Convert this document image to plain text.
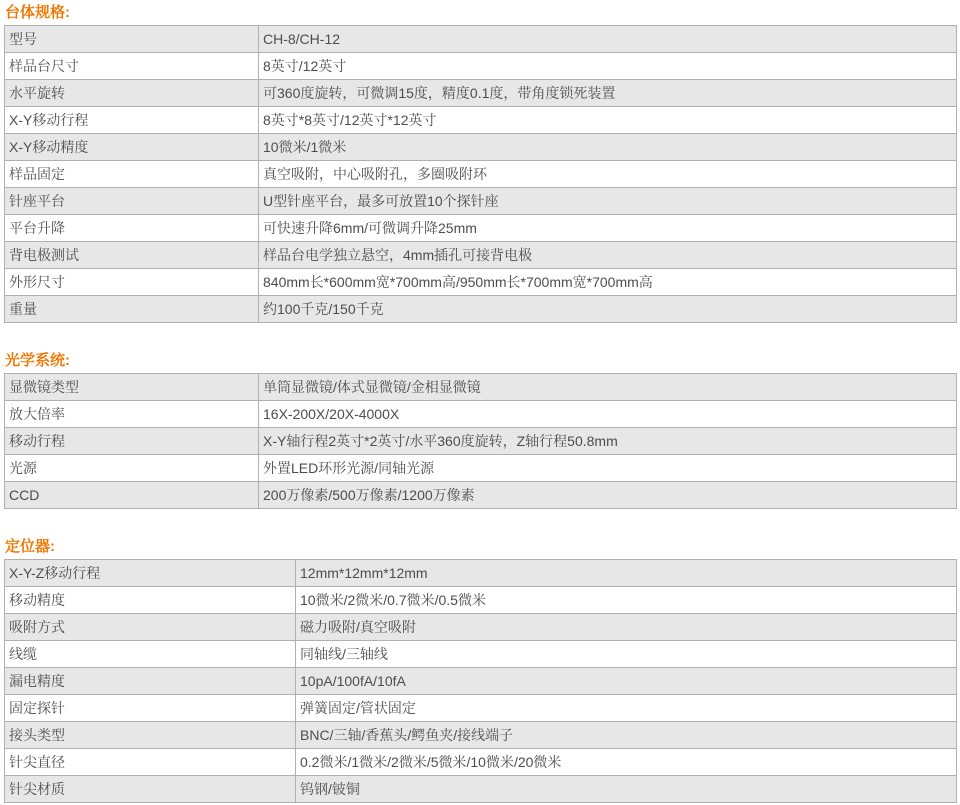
台体规格:
型号	CH-8/CH-12
样品台尺寸	8英寸/12英寸
水平旋转	可360度旋转，可微调15度，精度0.1度，带角度锁死装置
X-Y移动行程	8英寸*8英寸/12英寸*12英寸
X-Y移动精度	10微米/1微米
样品固定	真空吸附，中心吸附孔，多圈吸附环
针座平台	U型针座平台，最多可放置10个探针座
平台升降	可快速升降6mm/可微调升降25mm
背电极测试	样品台电学独立悬空，4mm插孔可接背电极
外形尺寸	840mm长*600mm宽*700mm高/950mm长*700mm宽*700mm高
重量	约100千克/150千克
光学系统:
显微镜类型	单筒显微镜/体式显微镜/金相显微镜
放大倍率	16X-200X/20X-4000X
移动行程	X-Y轴行程2英寸*2英寸/水平360度旋转，Z轴行程50.8mm
光源	外置LED环形光源/同轴光源
CCD	200万像素/500万像素/1200万像素
定位器:
X-Y-Z移动行程	12mm*12mm*12mm
移动精度	10微米/2微米/0.7微米/0.5微米
吸附方式	磁力吸附/真空吸附
线缆	同轴线/三轴线
漏电精度	10pA/100fA/10fA
固定探针	弹簧固定/管状固定
接头类型	BNC/三轴/香蕉头/鳄鱼夹/接线端子
针尖直径	0.2微米/1微米/2微米/5微米/10微米/20微米
针尖材质	钨钢/铍铜
